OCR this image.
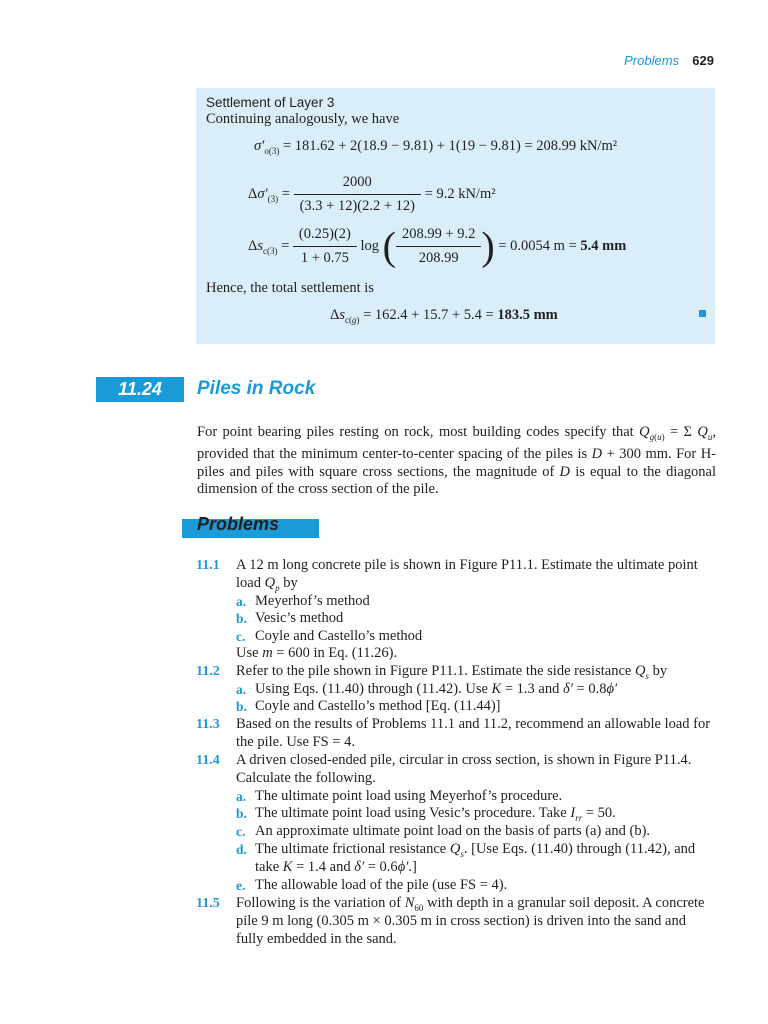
Problems 629
Settlement of Layer 3
Continuing analogously, we have
$\sigma'_{o(3)} = 181.62 + 2(18.9 - 9.81) + 1(19 - 9.81) = 208.99$ kN/m²
$\Delta\sigma'_{(3)} = \frac{2000}{(3.3 + 12)(2.2 + 12)} = 9.2$ kN/m²
$\Delta s_{c(3)} = \frac{(0.25)(2)}{1 + 0.75}$ log ( $\frac{208.99 + 9.2}{208.99}$ ) = 0.0054 m = 5.4 mm
Hence, the total settlement is
$\Delta s_{c(g)} = 162.4 + 15.7 + 5.4 = 183.5$ mm
11.24	Piles in Rock
For point bearing piles resting on rock, most building codes specify that $Q_{g(u)} = \Sigma$ $Q_u$, provided that the minimum center-to-center spacing of the piles is D + 300 mm. For H-piles and piles with square cross sections, the magnitude of D is equal to the diagonal dimension of the cross section of the pile.
Problems
11.1 A 12 m long concrete pile is shown in Figure P11.1. Estimate the ultimate point
load $Q_p$ by
a. Meyerhof’s method
b. Vesic’s method
c. Coyle and Castello’s method
Use m = 600 in Eq. (11.26).
11.2 Refer to the pile shown in Figure P11.1. Estimate the side resistance $Q_s$ by
a. Using Eqs. (11.40) through (11.42). Use K = 1.3 and δ′ = 0.8ϕ′
b. Coyle and Castello’s method [Eq. (11.44)]
11.3 Based on the results of Problems 11.1 and 11.2, recommend an allowable load for
the pile. Use FS = 4.
11.4 A driven closed-ended pile, circular in cross section, is shown in Figure P11.4.
Calculate the following.
a. The ultimate point load using Meyerhof’s procedure.
b. The ultimate point load using Vesic’s procedure. Take $I_{rr} = 50$.
c. An approximate ultimate point load on the basis of parts (a) and (b).
d. The ultimate frictional resistance $Q_s$. [Use Eqs. (11.40) through (11.42), and
take K = 1.4 and δ′ = 0.6ϕ′.]
e. The allowable load of the pile (use FS = 4).
11.5 Following is the variation of $N_{60}$ with depth in a granular soil deposit. A concrete
pile 9 m long (0.305 m × 0.305 m in cross section) is driven into the sand and
fully embedded in the sand.
